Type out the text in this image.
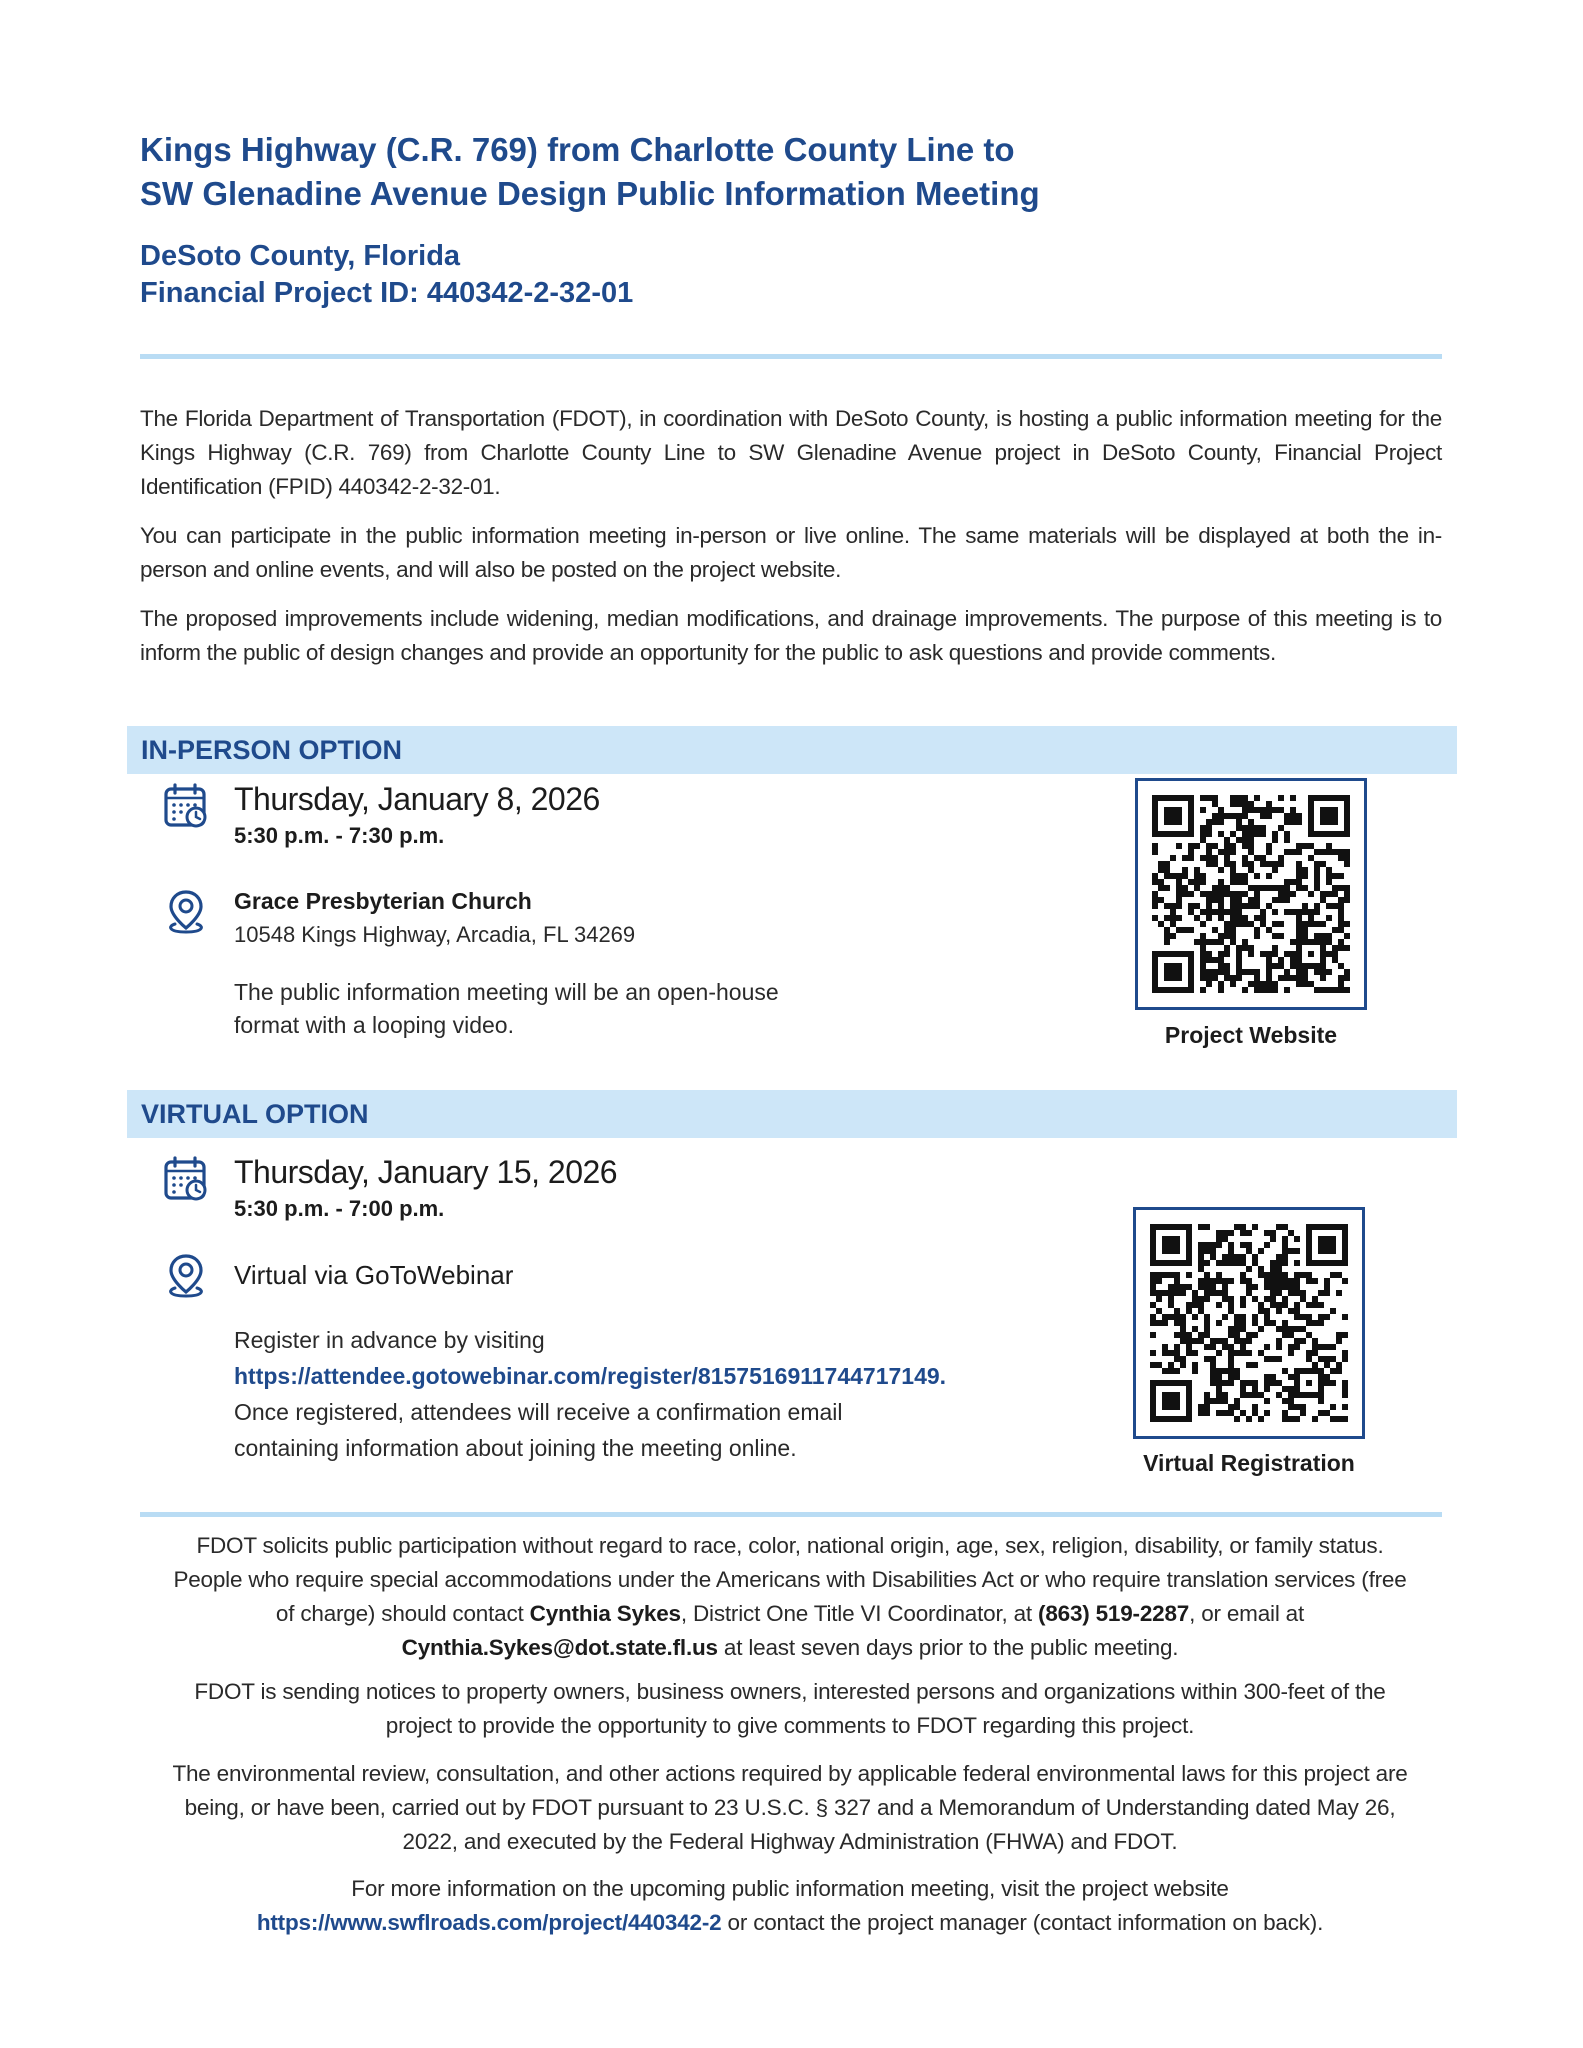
Kings Highway (C.R. 769) from Charlotte County Line to
SW Glenadine Avenue Design Public Information Meeting
DeSoto County, Florida
Financial Project ID: 440342-2-32-01

The Florida Department of Transportation (FDOT), in coordination with DeSoto County, is hosting a public information meeting for the Kings Highway (C.R. 769) from Charlotte County Line to SW Glenadine Avenue project in DeSoto County, Financial Project Identification (FPID) 440342-2-32-01.

You can participate in the public information meeting in-person or live online. The same materials will be displayed at both the in-person and online events, and will also be posted on the project website.

The proposed improvements include widening, median modifications, and drainage improvements. The purpose of this meeting is to inform the public of design changes and provide an opportunity for the public to ask questions and provide comments.

IN-PERSON OPTION
Thursday, January 8, 2026
5:30 p.m. - 7:30 p.m.
Grace Presbyterian Church
10548 Kings Highway, Arcadia, FL 34269
The public information meeting will be an open-house
format with a looping video.	Project Website
VIRTUAL OPTION
Thursday, January 15, 2026
5:30 p.m. - 7:00 p.m.
Virtual via GoToWebinar
Register in advance by visiting
https://attendee.gotowebinar.com/register/8157516911744717149.
Once registered, attendees will receive a confirmation email
containing information about joining the meeting online.
Virtual Registration
FDOT solicits public participation without regard to race, color, national origin, age, sex, religion, disability, or family status. People who require special accommodations under the Americans with Disabilities Act or who require translation services (free of charge) should contact Cynthia Sykes, District One Title VI Coordinator, at (863) 519-2287, or email at
Cynthia.Sykes@dot.state.fl.us at least seven days prior to the public meeting.
FDOT is sending notices to property owners, business owners, interested persons and organizations within 300-feet of the project to provide the opportunity to give comments to FDOT regarding this project.
The environmental review, consultation, and other actions required by applicable federal environmental laws for this project are being, or have been, carried out by FDOT pursuant to 23 U.S.C. § 327 and a Memorandum of Understanding dated May 26, 2022, and executed by the Federal Highway Administration (FHWA) and FDOT.
For more information on the upcoming public information meeting, visit the project website
https://www.swflroads.com/project/440342-2 or contact the project manager (contact information on back).
